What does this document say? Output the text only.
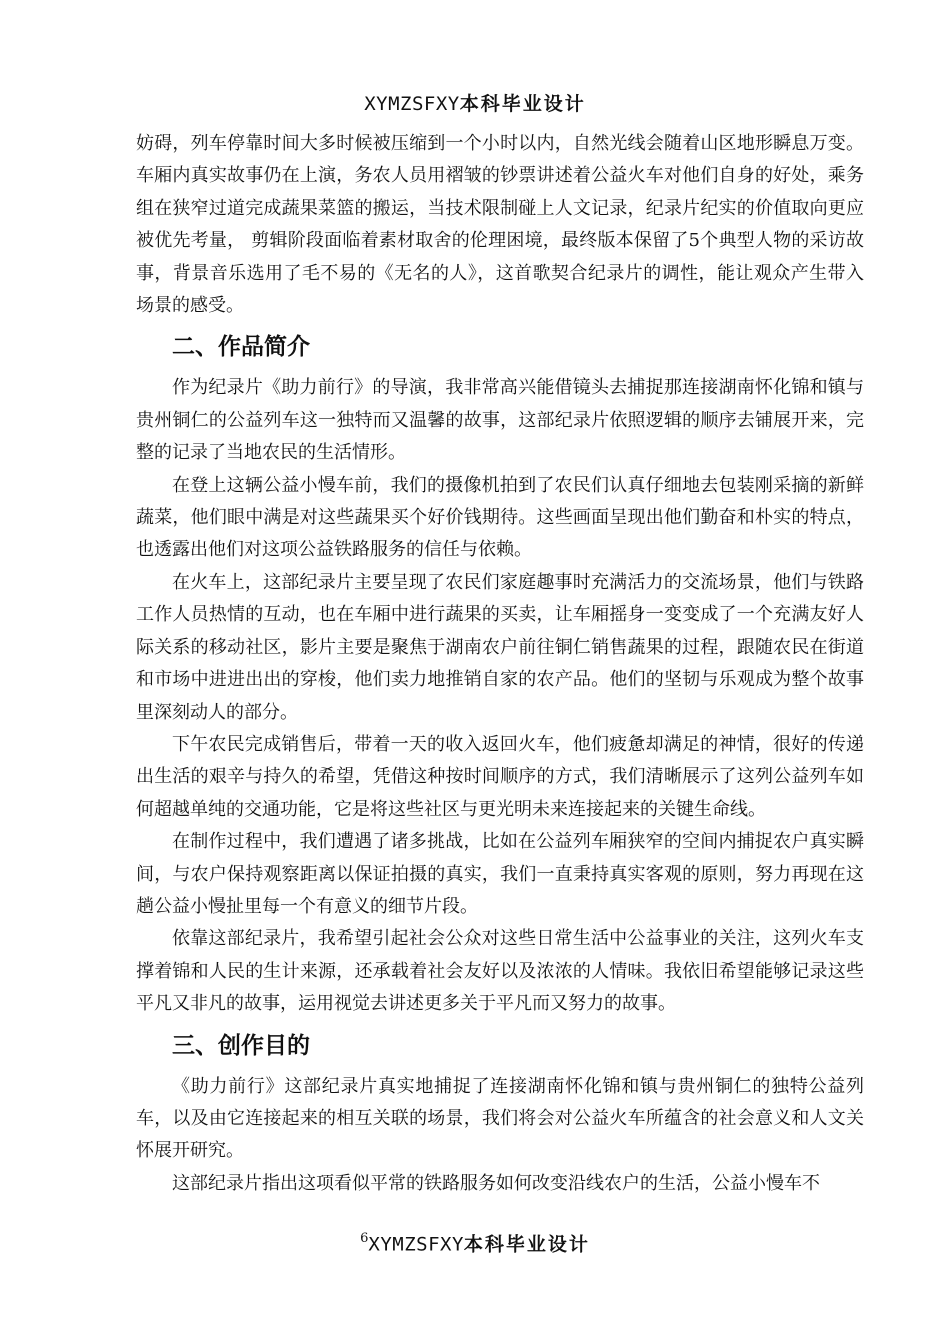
XYMZSFXY本科毕业设计

妨碍，列车停靠时间大多时候被压缩到一个小时以内，自然光线会随着山区地形瞬息万变。车厢内真实故事仍在上演，务农人员用褶皱的钞票讲述着公益火车对他们自身的好处，乘务组在狭窄过道完成蔬果菜篮的搬运，当技术限制碰上人文记录，纪录片纪实的价值取向更应被优先考量， 剪辑阶段面临着素材取舍的伦理困境，最终版本保留了5个典型人物的采访故事，背景音乐选用了毛不易的《无名的人》，这首歌契合纪录片的调性，能让观众产生带入场景的感受。

二、作品简介

作为纪录片《助力前行》的导演，我非常高兴能借镜头去捕捉那连接湖南怀化锦和镇与贵州铜仁的公益列车这一独特而又温馨的故事，这部纪录片依照逻辑的顺序去铺展开来，完整的记录了当地农民的生活情形。

在登上这辆公益小慢车前，我们的摄像机拍到了农民们认真仔细地去包装刚采摘的新鲜蔬菜，他们眼中满是对这些蔬果买个好价钱期待。这些画面呈现出他们勤奋和朴实的特点，也透露出他们对这项公益铁路服务的信任与依赖。

在火车上，这部纪录片主要呈现了农民们家庭趣事时充满活力的交流场景，他们与铁路工作人员热情的互动，也在车厢中进行蔬果的买卖，让车厢摇身一变变成了一个充满友好人际关系的移动社区，影片主要是聚焦于湖南农户前往铜仁销售蔬果的过程，跟随农民在街道和市场中进进出出的穿梭，他们卖力地推销自家的农产品。他们的坚韧与乐观成为整个故事里深刻动人的部分。

下午农民完成销售后，带着一天的收入返回火车，他们疲惫却满足的神情，很好的传递出生活的艰辛与持久的希望，凭借这种按时间顺序的方式，我们清晰展示了这列公益列车如何超越单纯的交通功能，它是将这些社区与更光明未来连接起来的关键生命线。

在制作过程中，我们遭遇了诸多挑战，比如在公益列车厢狭窄的空间内捕捉农户真实瞬间，与农户保持观察距离以保证拍摄的真实，我们一直秉持真实客观的原则，努力再现在这趟公益小慢扯里每一个有意义的细节片段。

依靠这部纪录片，我希望引起社会公众对这些日常生活中公益事业的关注，这列火车支撑着锦和人民的生计来源，还承载着社会友好以及浓浓的人情味。我依旧希望能够记录这些平凡又非凡的故事，运用视觉去讲述更多关于平凡而又努力的故事。

三、创作目的

《助力前行》这部纪录片真实地捕捉了连接湖南怀化锦和镇与贵州铜仁的独特公益列车，以及由它连接起来的相互关联的场景，我们将会对公益火车所蕴含的社会意义和人文关怀展开研究。

这部纪录片指出这项看似平常的铁路服务如何改变沿线农户的生活，公益小慢车不

$^6$XYMZSFXY本科毕业设计
